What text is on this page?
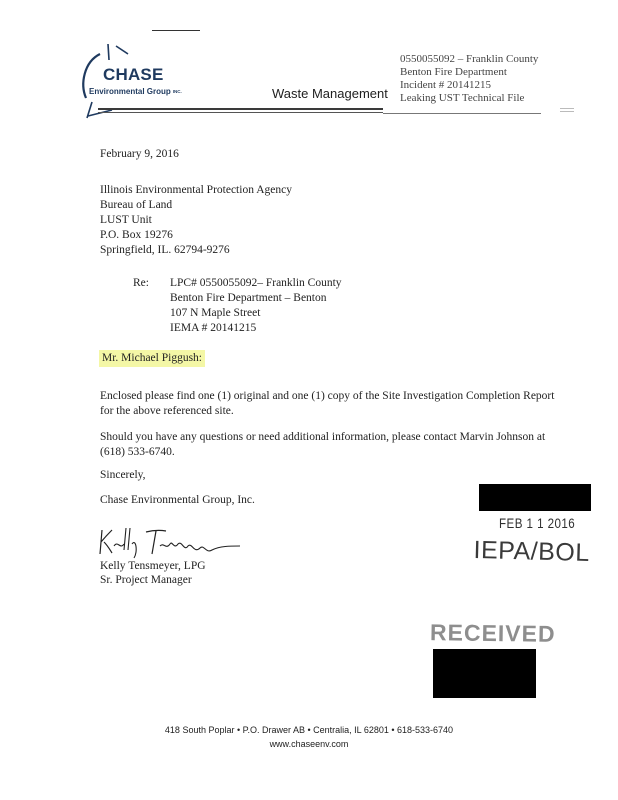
CHASE
Environmental Group INC.	Waste Management
0550055092 – Franklin County
Benton Fire Department
Incident # 20141215
Leaking UST Technical File
February 9, 2016
Illinois Environmental Protection Agency
Bureau of Land
LUST Unit
P.O. Box 19276
Springfield, IL. 62794-9276
Re: LPC# 0550055092– Franklin County
Benton Fire Department – Benton
107 N Maple Street
IEMA # 20141215
Mr. Michael Piggush:
Enclosed please find one (1) original and one (1) copy of the Site Investigation Completion Report for the above referenced site.
Should you have any questions or need additional information, please contact Marvin Johnson at (618) 533-6740.
Sincerely,
Chase Environmental Group, Inc.
Kelly Tensmeyer, LPG
Sr. Project Manager
FEB 1 1 2016
IEPA/BOL
RECEIVED
418 South Poplar • P.O. Drawer AB • Centralia, IL 62801 • 618-533-6740
www.chaseenv.com
